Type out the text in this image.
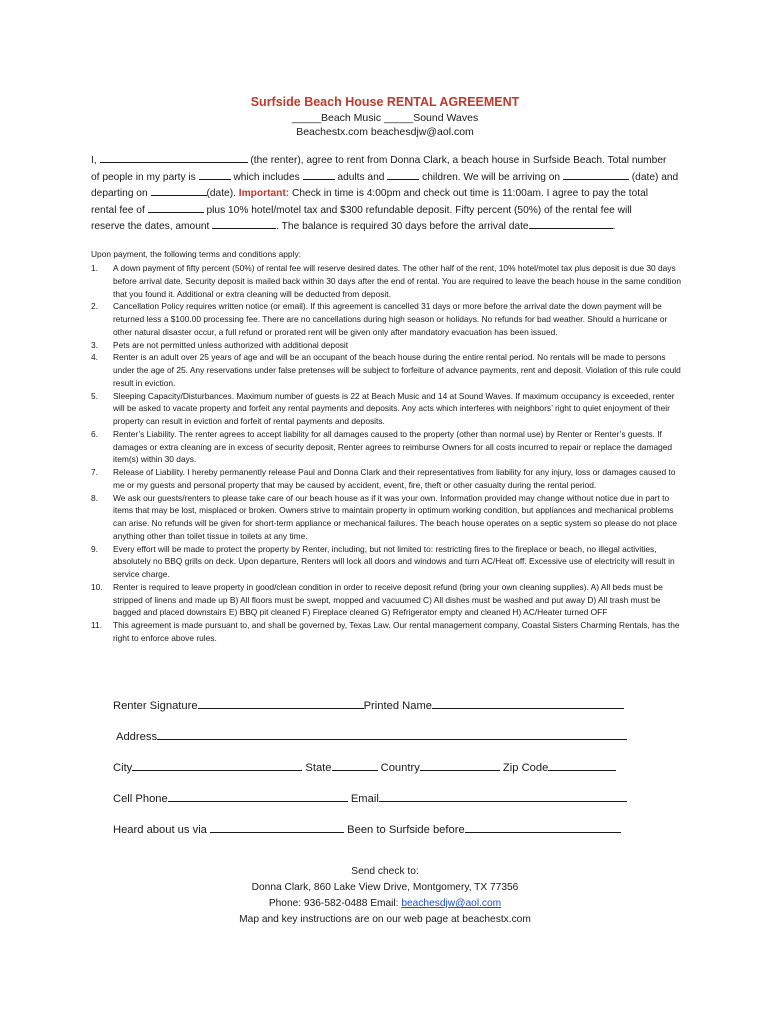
Surfside Beach House RENTAL AGREEMENT
_____Beach Music _____Sound Waves
Beachestx.com beachesdjw@aol.com
I,	(the renter), agree to rent from Donna Clark, a beach house in Surfside Beach. Total number
of people in my party is	which includes	adults and	children. We will be arriving on	(date) and
departing on	(date). Important: Check in time is 4:00pm and check out time is 11:00am. I agree to pay the total
rental fee of	plus 10% hotel/motel tax and $300 refundable deposit. Fifty percent (50%) of the rental fee will
reserve the dates, amount	. The balance is required 30 days before the arrival date	.
Upon payment, the following terms and conditions apply:
1.	A down payment of fifty percent (50%) of rental fee will reserve desired dates. The other half of the rent, 10% hotel/motel tax plus deposit is due 30 days before arrival date. Security deposit is mailed back within 30 days after the end of rental. You are required to leave the beach house in the same condition that you found it. Additional or extra cleaning will be deducted from deposit.
2.	Cancellation Policy requires written notice (or email). If this agreement is cancelled 31 days or more before the arrival date the down payment will be returned less a $100.00 processing fee. There are no cancellations during high season or holidays. No refunds for bad weather. Should a hurricane or other natural disaster occur, a full refund or prorated rent will be given only after mandatory evacuation has been issued.
3.	Pets are not permitted unless authorized with additional deposit
4.	Renter is an adult over 25 years of age and will be an occupant of the beach house during the entire rental period. No rentals will be made to persons under the age of 25. Any reservations under false pretenses will be subject to forfeiture of advance payments, rent and deposit. Violation of this rule could result in eviction.
5.	Sleeping Capacity/Disturbances. Maximum number of guests is 22 at Beach Music and 14 at Sound Waves. If maximum occupancy is exceeded, renter will be asked to vacate property and forfeit any rental payments and deposits. Any acts which interferes with neighbors’ right to quiet enjoyment of their property can result in eviction and forfeit of rental payments and deposits.
6.	Renter’s Liability. The renter agrees to accept liability for all damages caused to the property (other than normal use) by Renter or Renter’s guests. If damages or extra cleaning are in excess of security deposit, Renter agrees to reimburse Owners for all costs incurred to repair or replace the damaged item(s) within 30 days.
7.	Release of Liability. I hereby permanently release Paul and Donna Clark and their representatives from liability for any injury, loss or damages caused to me or my guests and personal property that may be caused by accident, event, fire, theft or other casualty during the rental period.
8.	We ask our guests/renters to please take care of our beach house as if it was your own. Information provided may change without notice due in part to items that may be lost, misplaced or broken. Owners strive to maintain property in optimum working condition, but appliances and mechanical problems can arise. No refunds will be given for short-term appliance or mechanical failures. The beach house operates on a septic system so please do not place anything other than toilet tissue in toilets at any time.
9.	Every effort will be made to protect the property by Renter, including, but not limited to: restricting fires to the fireplace or beach, no illegal activities, absolutely no BBQ grills on deck. Upon departure, Renters will lock all doors and windows and turn AC/Heat off. Excessive use of electricity will result in service charge.
10.	Renter is required to leave property in good/clean condition in order to receive deposit refund (bring your own cleaning supplies). A) All beds must be stripped of linens and made up B) All floors must be swept, mopped and vacuumed C) All dishes must be washed and put away D) All trash must be bagged and placed downstairs E) BBQ pit cleaned F) Fireplace cleaned G) Refrigerator empty and cleaned H) AC/Heater turned OFF
11.	This agreement is made pursuant to, and shall be governed by, Texas Law. Our rental management company, Coastal Sisters Charming Rentals, has the right to enforce above rules.
Renter Signature	Printed Name
Address
City	State	Country	Zip Code
Cell Phone	Email
Heard about us via	Been to Surfside before
Send check to:
Donna Clark, 860 Lake View Drive, Montgomery, TX 77356
Phone: 936-582-0488 Email: beachesdjw@aol.com
Map and key instructions are on our web page at beachestx.com
